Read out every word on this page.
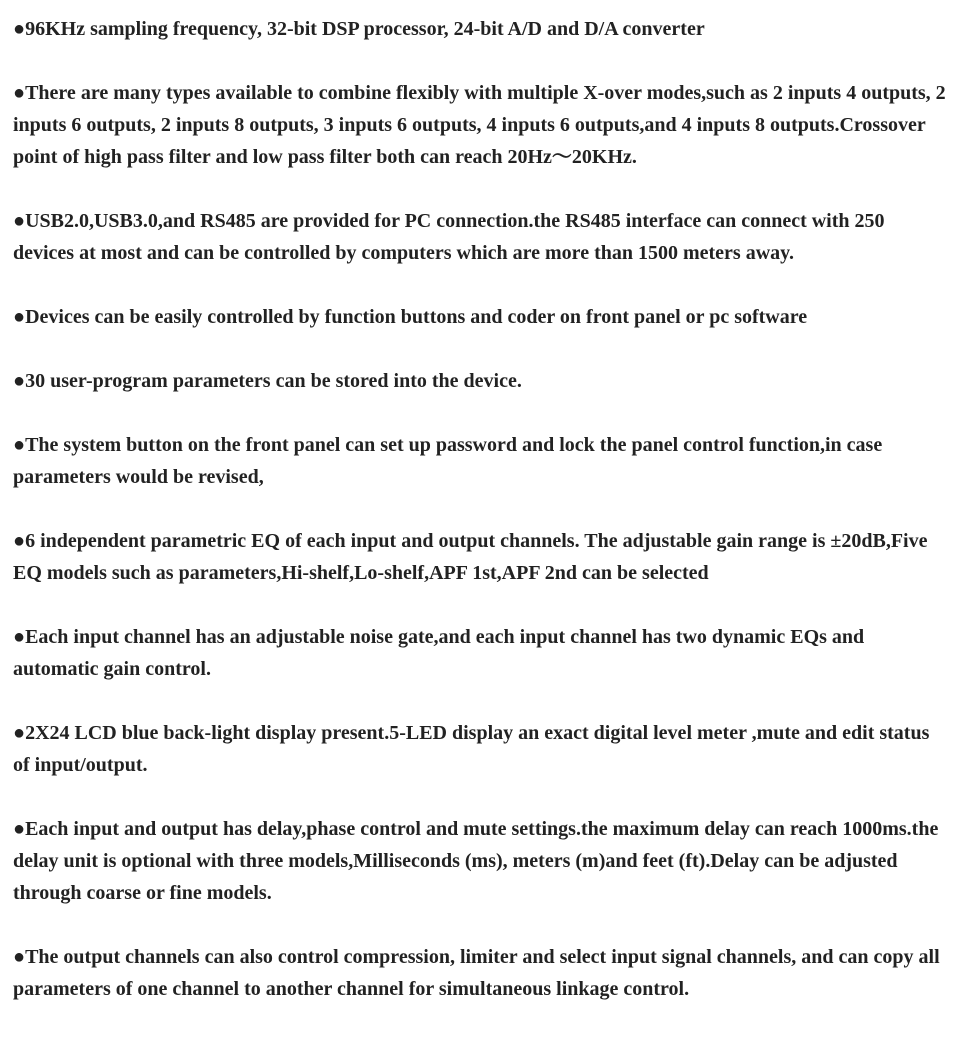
●96KHz sampling frequency, 32-bit DSP processor, 24-bit A/D and D/A converter

●There are many types available to combine flexibly with multiple X-over modes,such as 2 inputs 4 outputs, 2 inputs 6 outputs, 2 inputs 8 outputs, 3 inputs 6 outputs, 4 inputs 6 outputs,and 4 inputs 8 outputs.Crossover point of high pass filter and low pass filter both can reach 20Hz～20KHz.

●USB2.0,USB3.0,and RS485 are provided for PC connection.the RS485 interface can connect with 250 devices at most and can be controlled by computers which are more than 1500 meters away.

●Devices can be easily controlled by function buttons and coder on front panel or pc software

●30 user-program parameters can be stored into the device.

●The system button on the front panel can set up password and lock the panel control function,in case parameters would be revised,

●6 independent parametric EQ of each input and output channels. The adjustable gain range is ±20dB,Five EQ models such as parameters,Hi-shelf,Lo-shelf,APF 1st,APF 2nd can be selected

●Each input channel has an adjustable noise gate,and each input channel has two dynamic EQs and automatic gain control.

●2X24 LCD blue back-light display present.5-LED display an exact digital level meter ,mute and edit status of input/output.

●Each input and output has delay,phase control and mute settings.the maximum delay can reach 1000ms.the delay unit is optional with three models,Milliseconds (ms), meters (m)and feet (ft).Delay can be adjusted through coarse or fine models.

●The output channels can also control compression, limiter and select input signal channels, and can copy all parameters of one channel to another channel for simultaneous linkage control.
